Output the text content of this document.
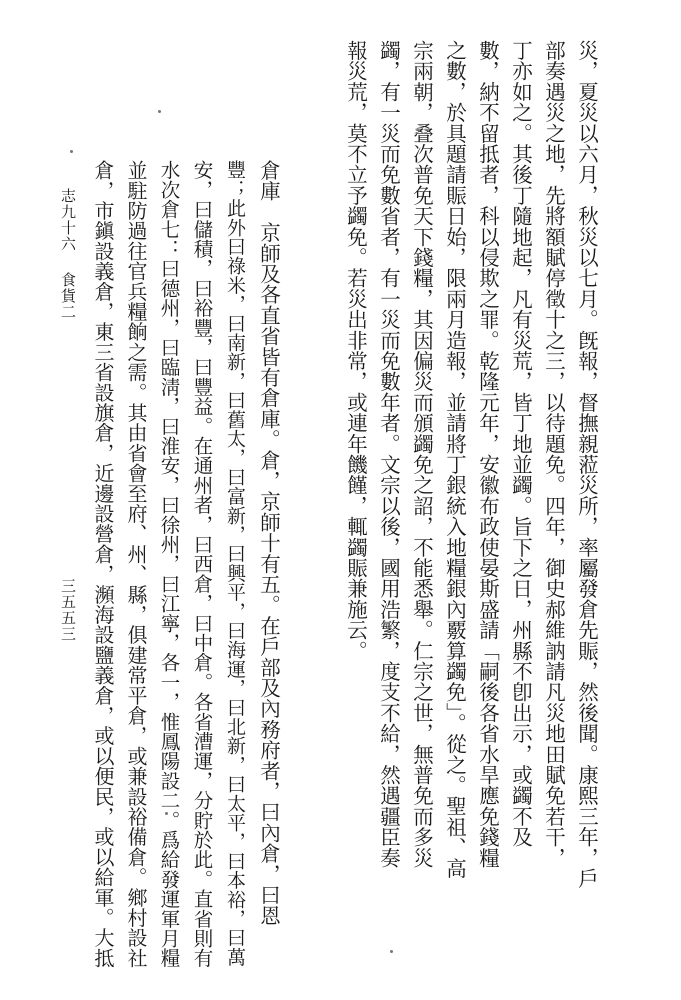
志九十六
食貨二
三五五三	災，夏災以六月，秋災以七月。旣報，督撫親蒞災所，率屬發倉先賑，然後聞。康熙三年，戶
部奏遇災之地，先將額賦停徵十之三，以待題免。四年，御史郝維訥請凡災地田賦免若干，
丁亦如之。其後丁隨地起，凡有災荒，皆丁地並蠲。旨下之日，州縣不卽出示，或蠲不及
數，納不留抵者，科以侵欺之罪。乾隆元年，安徽布政使晏斯盛請「嗣後各省水旱應免錢糧
之數，於具題請賑日始，限兩月造報，並請將丁銀統入地糧銀內覈算蠲免」。從之。聖祖、高
宗兩朝，叠次普免天下錢糧，其因偏災而頒蠲免之詔，不能悉舉。仁宗之世，無普免而多災
蠲，有一災而免數省者，有一災而免數年者。文宗以後，國用浩繁，度支不給，然遇疆臣奏
報災荒，莫不立予蠲免。若災出非常，或連年饑饉，輒蠲賑兼施云。
倉庫　京師及各直省皆有倉庫。倉，京師十有五。在戶部及內務府者，曰內倉，曰恩
豐；此外曰祿米，曰南新，曰舊太，曰富新，曰興平，曰海運，曰北新，曰太平，曰本裕，曰萬
安，曰儲積，曰裕豐，曰豐益。在通州者，曰西倉，曰中倉。各省漕運，分貯於此。直省則有
水次倉七：曰德州，曰臨淸，曰淮安，曰徐州，曰江寧，各一，惟鳳陽設二。爲給發運軍月糧
並駐防過往官兵糧餉之需。其由省會至府、州、縣，俱建常平倉，或兼設裕備倉。鄉村設社
倉，市鎭設義倉，東三省設旗倉，近邊設營倉，瀕海設鹽義倉，或以便民，或以給軍。大抵
